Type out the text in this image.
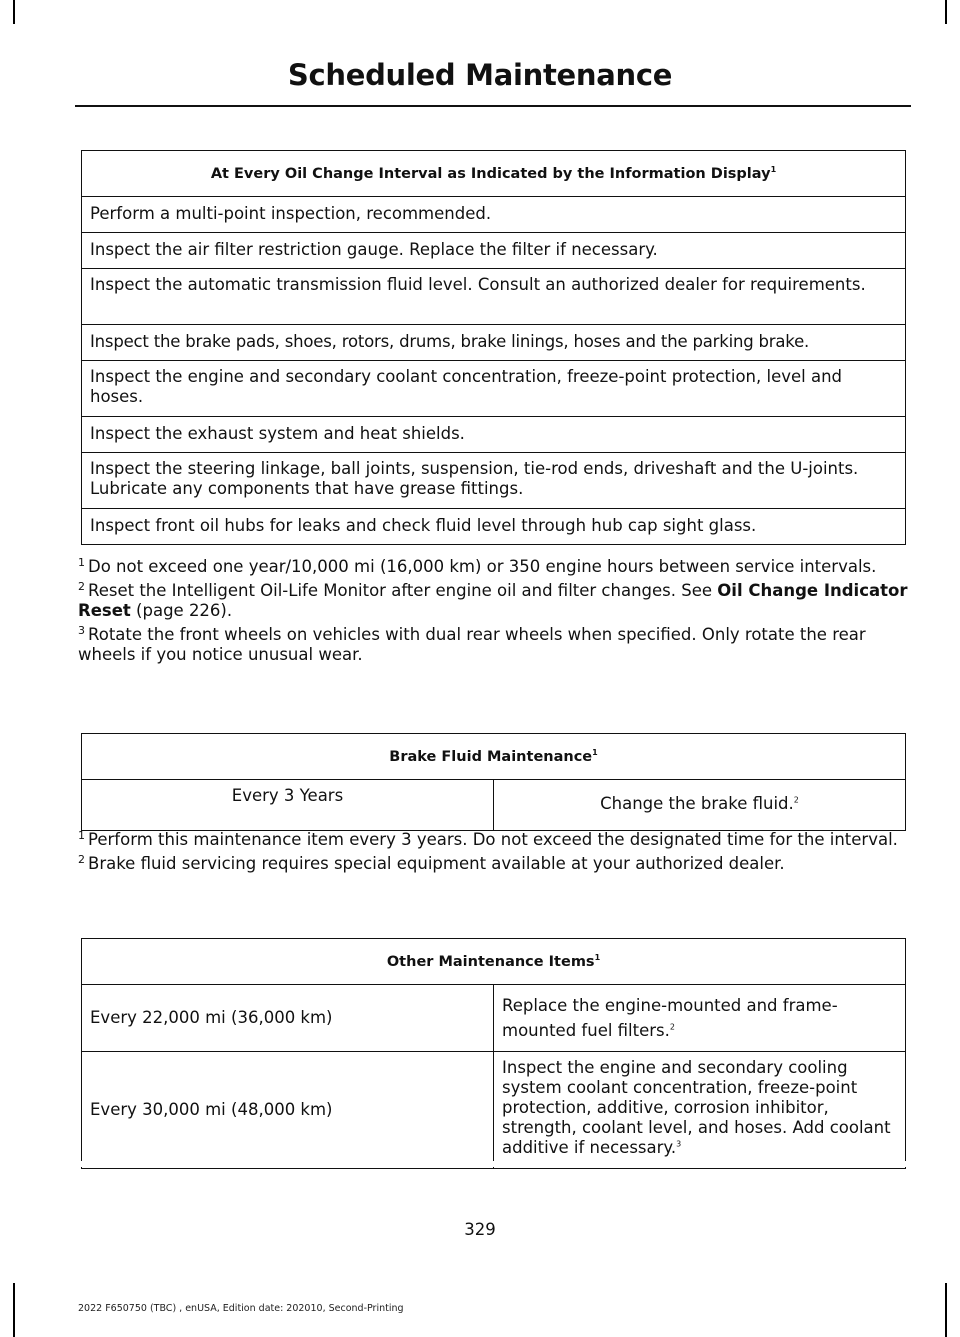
Scheduled Maintenance
At Every Oil Change Interval as Indicated by the Information Display$^1$
Perform a multi-point inspection, recommended.
Inspect the air filter restriction gauge. Replace the filter if necessary.
Inspect the automatic transmission fluid level. Consult an authorized dealer for requirements.
Inspect the brake pads, shoes, rotors, drums, brake linings, hoses and the parking brake.
Inspect the engine and secondary coolant concentration, freeze-point protection, level and hoses.
Inspect the exhaust system and heat shields.
Inspect the steering linkage, ball joints, suspension, tie-rod ends, driveshaft and the U-joints. Lubricate any components that have grease fittings.
Inspect front oil hubs for leaks and check fluid level through hub cap sight glass.

$^1$ Do not exceed one year/10,000 mi (16,000 km) or 350 engine hours between service intervals.

$^2$ Reset the Intelligent Oil-Life Monitor after engine oil and filter changes. See Oil Change Indicator Reset (page 226).

$^3$ Rotate the front wheels on vehicles with dual rear wheels when specified. Only rotate the rear wheels if you notice unusual wear.

Brake Fluid Maintenance$^1$
Every 3 Years	Change the brake fluid.$^2$

$^1$ Perform this maintenance item every 3 years. Do not exceed the designated time for the interval.

$^2$ Brake fluid servicing requires special equipment available at your authorized dealer.

Other Maintenance Items$^1$
Every 22,000 mi (36,000 km)	Replace the engine-mounted and frame-mounted fuel filters.$^2$
Every 30,000 mi (48,000 km)	Inspect the engine and secondary cooling system coolant concentration, freeze-point protection, additive, corrosion inhibitor, strength, coolant level, and hoses. Add coolant additive if necessary.$^3$
329
2022 F650750 (TBC) , enUSA, Edition date: 202010, Second-Printing
